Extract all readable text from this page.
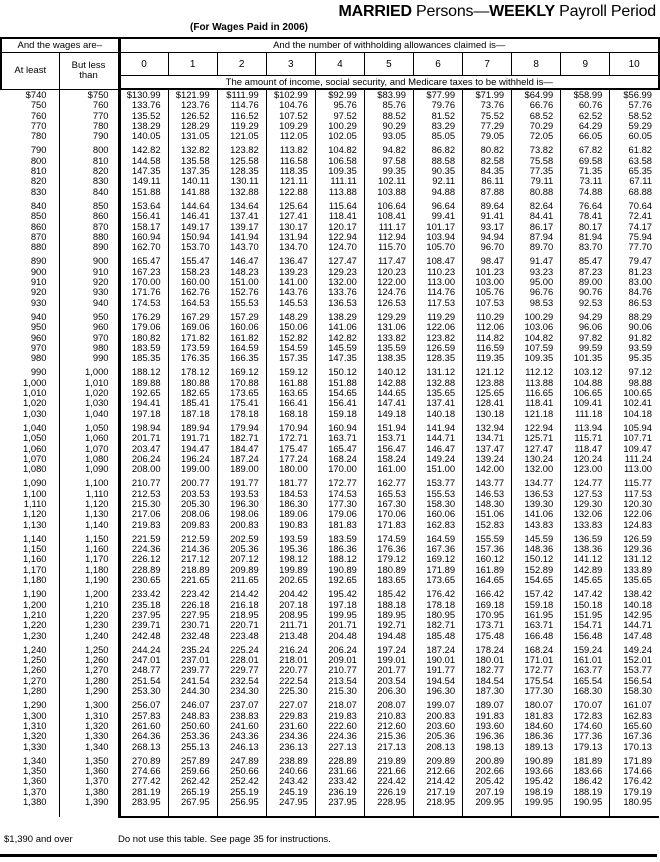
MARRIED Persons—WEEKLY Payroll Period
(For Wages Paid in 2006)
And the wages are–		And the number of withholding allowances claimed is—										
At least	But less
than	0	1	2	3	4	5	6	7	8	9	10
		The amount of income, social security, and Medicare taxes to be withheld is—										
$740	$750	$130.99	$121.99	$111.99	$102.99	$92.99	$83.99	$77.99	$71.99	$64.99	$58.99	$56.99
750	760	133.76	123.76	114.76	104.76	95.76	85.76	79.76	73.76	66.76	60.76	57.76
760	770	135.52	126.52	116.52	107.52	97.52	88.52	81.52	75.52	68.52	62.52	58.52
770	780	138.29	128.29	119.29	109.29	100.29	90.29	83.29	77.29	70.29	64.29	59.29
780	790	140.05	131.05	121.05	112.05	102.05	93.05	85.05	79.05	72.05	66.05	60.05

790	800	142.82	132.82	123.82	113.82	104.82	94.82	86.82	80.82	73.82	67.82	61.82
800	810	144.58	135.58	125.58	116.58	106.58	97.58	88.58	82.58	75.58	69.58	63.58
810	820	147.35	137.35	128.35	118.35	109.35	99.35	90.35	84.35	77.35	71.35	65.35
820	830	149.11	140.11	130.11	121.11	111.11	102.11	92.11	86.11	79.11	73.11	67.11
830	840	151.88	141.88	132.88	122.88	113.88	103.88	94.88	87.88	80.88	74.88	68.88

840	850	153.64	144.64	134.64	125.64	115.64	106.64	96.64	89.64	82.64	76.64	70.64
850	860	156.41	146.41	137.41	127.41	118.41	108.41	99.41	91.41	84.41	78.41	72.41
860	870	158.17	149.17	139.17	130.17	120.17	111.17	101.17	93.17	86.17	80.17	74.17
870	880	160.94	150.94	141.94	131.94	122.94	112.94	103.94	94.94	87.94	81.94	75.94
880	890	162.70	153.70	143.70	134.70	124.70	115.70	105.70	96.70	89.70	83.70	77.70

890	900	165.47	155.47	146.47	136.47	127.47	117.47	108.47	98.47	91.47	85.47	79.47
900	910	167.23	158.23	148.23	139.23	129.23	120.23	110.23	101.23	93.23	87.23	81.23
910	920	170.00	160.00	151.00	141.00	132.00	122.00	113.00	103.00	95.00	89.00	83.00
920	930	171.76	162.76	152.76	143.76	133.76	124.76	114.76	105.76	96.76	90.76	84.76
930	940	174.53	164.53	155.53	145.53	136.53	126.53	117.53	107.53	98.53	92.53	86.53

940	950	176.29	167.29	157.29	148.29	138.29	129.29	119.29	110.29	100.29	94.29	88.29
950	960	179.06	169.06	160.06	150.06	141.06	131.06	122.06	112.06	103.06	96.06	90.06
960	970	180.82	171.82	161.82	152.82	142.82	133.82	123.82	114.82	104.82	97.82	91.82
970	980	183.59	173.59	164.59	154.59	145.59	135.59	126.59	116.59	107.59	99.59	93.59
980	990	185.35	176.35	166.35	157.35	147.35	138.35	128.35	119.35	109.35	101.35	95.35

990	1,000	188.12	178.12	169.12	159.12	150.12	140.12	131.12	121.12	112.12	103.12	97.12
1,000	1,010	189.88	180.88	170.88	161.88	151.88	142.88	132.88	123.88	113.88	104.88	98.88
1,010	1,020	192.65	182.65	173.65	163.65	154.65	144.65	135.65	125.65	116.65	106.65	100.65
1,020	1,030	194.41	185.41	175.41	166.41	156.41	147.41	137.41	128.41	118.41	109.41	102.41
1,030	1,040	197.18	187.18	178.18	168.18	159.18	149.18	140.18	130.18	121.18	111.18	104.18

1,040	1,050	198.94	189.94	179.94	170.94	160.94	151.94	141.94	132.94	122.94	113.94	105.94
1,050	1,060	201.71	191.71	182.71	172.71	163.71	153.71	144.71	134.71	125.71	115.71	107.71
1,060	1,070	203.47	194.47	184.47	175.47	165.47	156.47	146.47	137.47	127.47	118.47	109.47
1,070	1,080	206.24	196.24	187.24	177.24	168.24	158.24	149.24	139.24	130.24	120.24	111.24
1,080	1,090	208.00	199.00	189.00	180.00	170.00	161.00	151.00	142.00	132.00	123.00	113.00

1,090	1,100	210.77	200.77	191.77	181.77	172.77	162.77	153.77	143.77	134.77	124.77	115.77
1,100	1,110	212.53	203.53	193.53	184.53	174.53	165.53	155.53	146.53	136.53	127.53	117.53
1,110	1,120	215.30	205.30	196.30	186.30	177.30	167.30	158.30	148.30	139.30	129.30	120.30
1,120	1,130	217.06	208.06	198.06	189.06	179.06	170.06	160.06	151.06	141.06	132.06	122.06
1,130	1,140	219.83	209.83	200.83	190.83	181.83	171.83	162.83	152.83	143.83	133.83	124.83

1,140	1,150	221.59	212.59	202.59	193.59	183.59	174.59	164.59	155.59	145.59	136.59	126.59
1,150	1,160	224.36	214.36	205.36	195.36	186.36	176.36	167.36	157.36	148.36	138.36	129.36
1,160	1,170	226.12	217.12	207.12	198.12	188.12	179.12	169.12	160.12	150.12	141.12	131.12
1,170	1,180	228.89	218.89	209.89	199.89	190.89	180.89	171.89	161.89	152.89	142.89	133.89
1,180	1,190	230.65	221.65	211.65	202.65	192.65	183.65	173.65	164.65	154.65	145.65	135.65

1,190	1,200	233.42	223.42	214.42	204.42	195.42	185.42	176.42	166.42	157.42	147.42	138.42
1,200	1,210	235.18	226.18	216.18	207.18	197.18	188.18	178.18	169.18	159.18	150.18	140.18
1,210	1,220	237.95	227.95	218.95	208.95	199.95	189.95	180.95	170.95	161.95	151.95	142.95
1,220	1,230	239.71	230.71	220.71	211.71	201.71	192.71	182.71	173.71	163.71	154.71	144.71
1,230	1,240	242.48	232.48	223.48	213.48	204.48	194.48	185.48	175.48	166.48	156.48	147.48

1,240	1,250	244.24	235.24	225.24	216.24	206.24	197.24	187.24	178.24	168.24	159.24	149.24
1,250	1,260	247.01	237.01	228.01	218.01	209.01	199.01	190.01	180.01	171.01	161.01	152.01
1,260	1,270	248.77	239.77	229.77	220.77	210.77	201.77	191.77	182.77	172.77	163.77	153.77
1,270	1,280	251.54	241.54	232.54	222.54	213.54	203.54	194.54	184.54	175.54	165.54	156.54
1,280	1,290	253.30	244.30	234.30	225.30	215.30	206.30	196.30	187.30	177.30	168.30	158.30

1,290	1,300	256.07	246.07	237.07	227.07	218.07	208.07	199.07	189.07	180.07	170.07	161.07
1,300	1,310	257.83	248.83	238.83	229.83	219.83	210.83	200.83	191.83	181.83	172.83	162.83
1,310	1,320	261.60	250.60	241.60	231.60	222.60	212.60	203.60	193.60	184.60	174.60	165.60
1,320	1,330	264.36	253.36	243.36	234.36	224.36	215.36	205.36	196.36	186.36	177.36	167.36
1,330	1,340	268.13	255.13	246.13	236.13	227.13	217.13	208.13	198.13	189.13	179.13	170.13

1,340	1,350	270.89	257.89	247.89	238.89	228.89	219.89	209.89	200.89	190.89	181.89	171.89
1,350	1,360	274.66	259.66	250.66	240.66	231.66	221.66	212.66	202.66	193.66	183.66	174.66
1,360	1,370	277.42	262.42	252.42	243.42	233.42	224.42	214.42	205.42	195.42	186.42	176.42
1,370	1,380	281.19	265.19	255.19	245.19	236.19	226.19	217.19	207.19	198.19	188.19	179.19
1,380	1,390	283.95	267.95	256.95	247.95	237.95	228.95	218.95	209.95	199.95	190.95	180.95

$1,390 and over	Do not use this table. See page 35 for instructions.
